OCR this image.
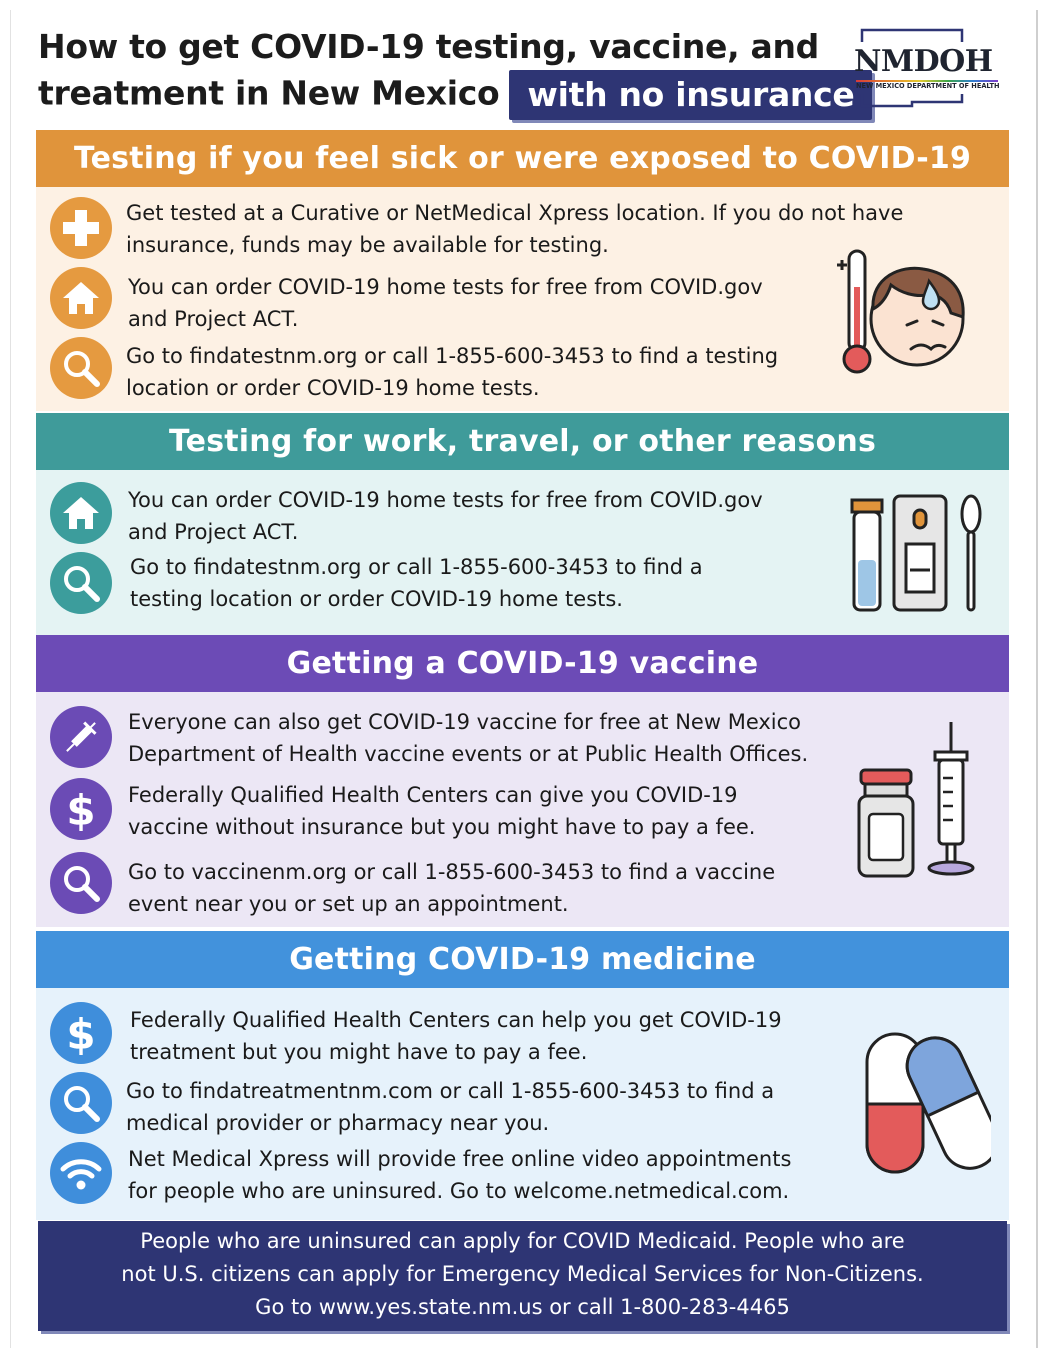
How to get COVID-19 testing, vaccine, and
treatment in New Mexico with no insurance
NMDOH
NEW MEXICO DEPARTMENT OF HEALTH
Testing if you feel sick or were exposed to COVID-19
Get tested at a Curative or NetMedical Xpress location. If you do not have
insurance, funds may be available for testing.
You can order COVID-19 home tests for free from COVID.gov
and Project ACT.
Go to findatestnm.org or call 1-855-600-3453 to find a testing
location or order COVID-19 home tests.
Testing for work, travel, or other reasons
You can order COVID-19 home tests for free from COVID.gov
and Project ACT.
Go to findatestnm.org or call 1-855-600-3453 to find a
testing location or order COVID-19 home tests.
Getting a COVID-19 vaccine
Everyone can also get COVID-19 vaccine for free at New Mexico
Department of Health vaccine events or at Public Health Offices.
$ Federally Qualified Health Centers can give you COVID-19
vaccine without insurance but you might have to pay a fee.
Go to vaccinenm.org or call 1-855-600-3453 to find a vaccine
event near you or set up an appointment.
Getting COVID-19 medicine
$ Federally Qualified Health Centers can help you get COVID-19
treatment but you might have to pay a fee.
Go to findatreatmentnm.com or call 1-855-600-3453 to find a
medical provider or pharmacy near you.
Net Medical Xpress will provide free online video appointments
for people who are uninsured. Go to welcome.netmedical.com.
People who are uninsured can apply for COVID Medicaid. People who are
not U.S. citizens can apply for Emergency Medical Services for Non-Citizens.
Go to www.yes.state.nm.us or call 1-800-283-4465
